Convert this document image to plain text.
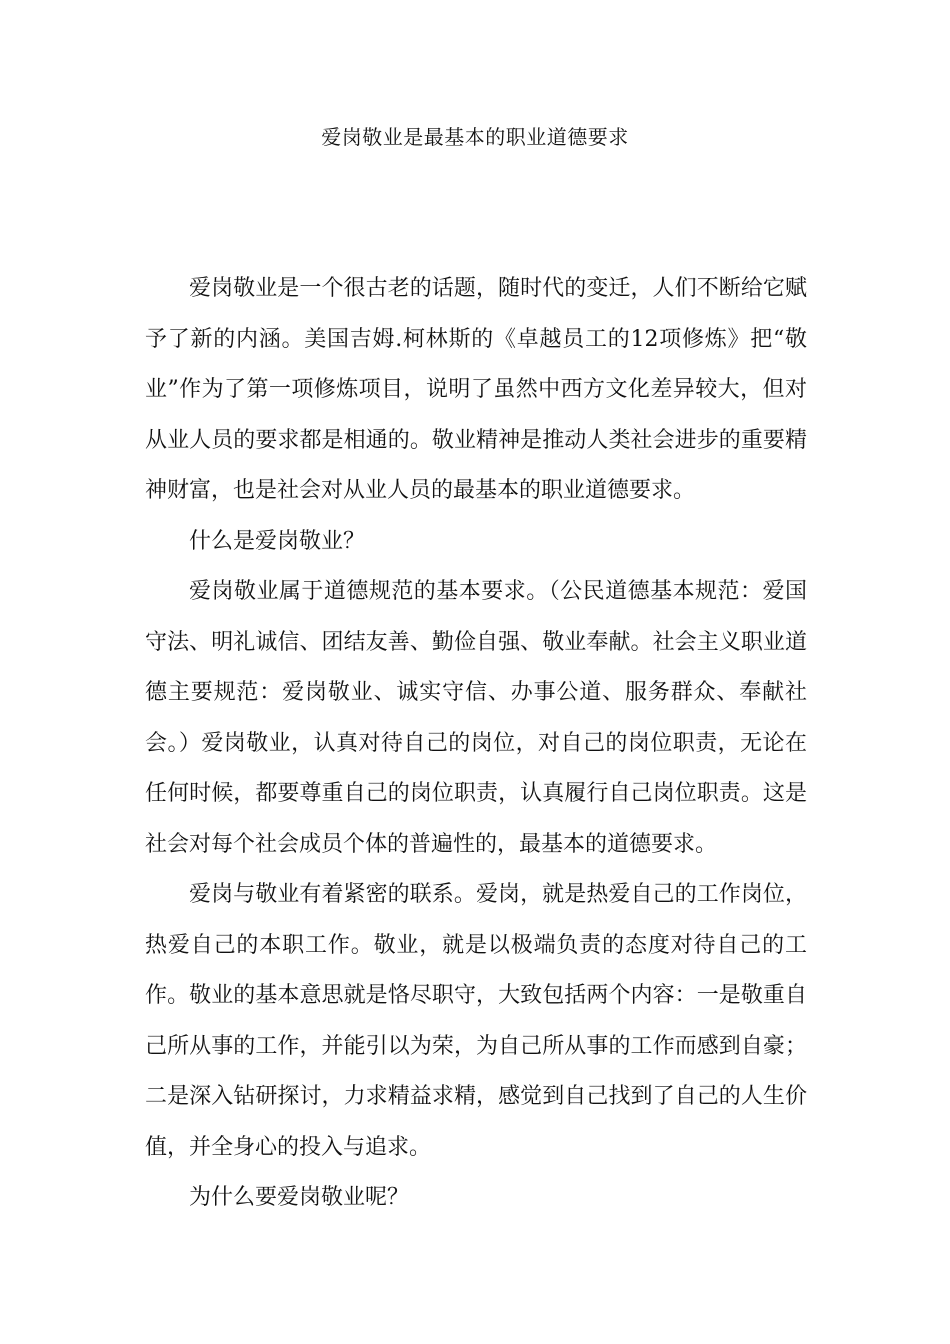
爱岗敬业是最基本的职业道德要求

爱岗敬业是一个很古老的话题，随时代的变迁，人们不断给它赋予了新的内涵。美国吉姆.柯林斯的《卓越员工的12项修炼》把“敬业”作为了第一项修炼项目，说明了虽然中西方文化差异较大，但对从业人员的要求都是相通的。敬业精神是推动人类社会进步的重要精神财富，也是社会对从业人员的最基本的职业道德要求。

什么是爱岗敬业？

爱岗敬业属于道德规范的基本要求。（公民道德基本规范：爱国守法、明礼诚信、团结友善、勤俭自强、敬业奉献。社会主义职业道德主要规范：爱岗敬业、诚实守信、办事公道、服务群众、奉献社会。）爱岗敬业，认真对待自己的岗位，对自己的岗位职责，无论在任何时候，都要尊重自己的岗位职责，认真履行自己岗位职责。这是社会对每个社会成员个体的普遍性的，最基本的道德要求。

爱岗与敬业有着紧密的联系。爱岗，就是热爱自己的工作岗位，热爱自己的本职工作。敬业，就是以极端负责的态度对待自己的工作。敬业的基本意思就是恪尽职守，大致包括两个内容：一是敬重自己所从事的工作，并能引以为荣，为自己所从事的工作而感到自豪；二是深入钻研探讨，力求精益求精，感觉到自己找到了自己的人生价值，并全身心的投入与追求。

为什么要爱岗敬业呢？
